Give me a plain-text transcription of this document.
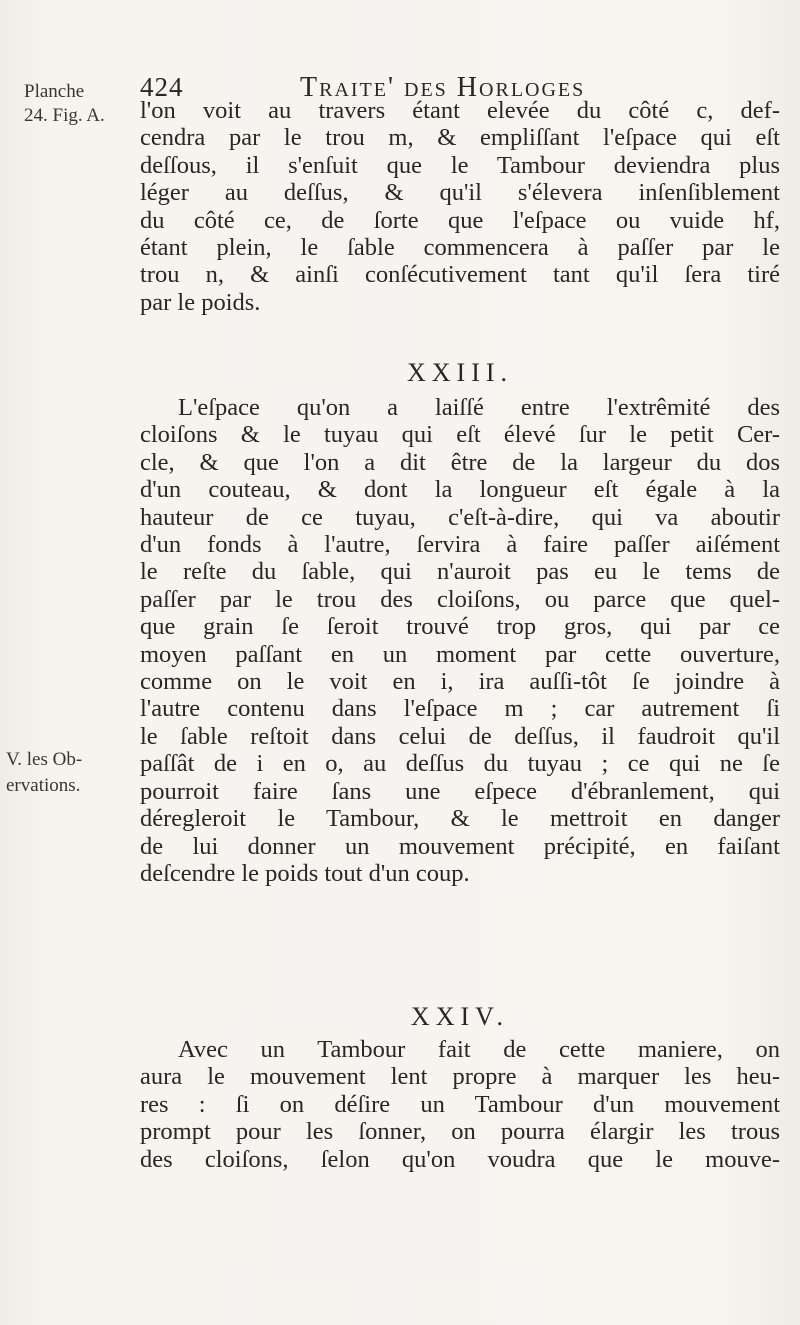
424	Traite' des Horloges
Planche
24. Fig. A.
V. les Ob-
ervations.
l'on voit au travers étant elevée du côté c, def-
cendra par le trou m, & empliſſant l'eſpace qui eſt
deſſous, il s'enſuit que le Tambour deviendra plus
léger au deſſus, & qu'il s'élevera inſenſiblement
du côté ce, de ſorte que l'eſpace ou vuide hf,
étant plein, le ſable commencera à paſſer par le
trou n, & ainſi conſécutivement tant qu'il ſera tiré
par le poids.
XXIII.
L'eſpace qu'on a laiſſé entre l'extrêmité des
cloiſons & le tuyau qui eſt élevé ſur le petit Cer-
cle, & que l'on a dit être de la largeur du dos
d'un couteau, & dont la longueur eſt égale à la
hauteur de ce tuyau, c'eſt-à-dire, qui va aboutir
d'un fonds à l'autre, ſervira à faire paſſer aiſément
le reſte du ſable, qui n'auroit pas eu le tems de
paſſer par le trou des cloiſons, ou parce que quel-
que grain ſe ſeroit trouvé trop gros, qui par ce
moyen paſſant en un moment par cette ouverture,
comme on le voit en i, ira auſſi-tôt ſe joindre à
l'autre contenu dans l'eſpace m ; car autrement ſi
le ſable reſtoit dans celui de deſſus, il faudroit qu'il
paſſât de i en o, au deſſus du tuyau ; ce qui ne ſe
pourroit faire ſans une eſpece d'ébranlement, qui
déregleroit le Tambour, & le mettroit en danger
de lui donner un mouvement précipité, en faiſant
deſcendre le poids tout d'un coup.
XXIV.
Avec un Tambour fait de cette maniere, on
aura le mouvement lent propre à marquer les heu-
res : ſi on déſire un Tambour d'un mouvement
prompt pour les ſonner, on pourra élargir les trous
des cloiſons, ſelon qu'on voudra que le mouve-
